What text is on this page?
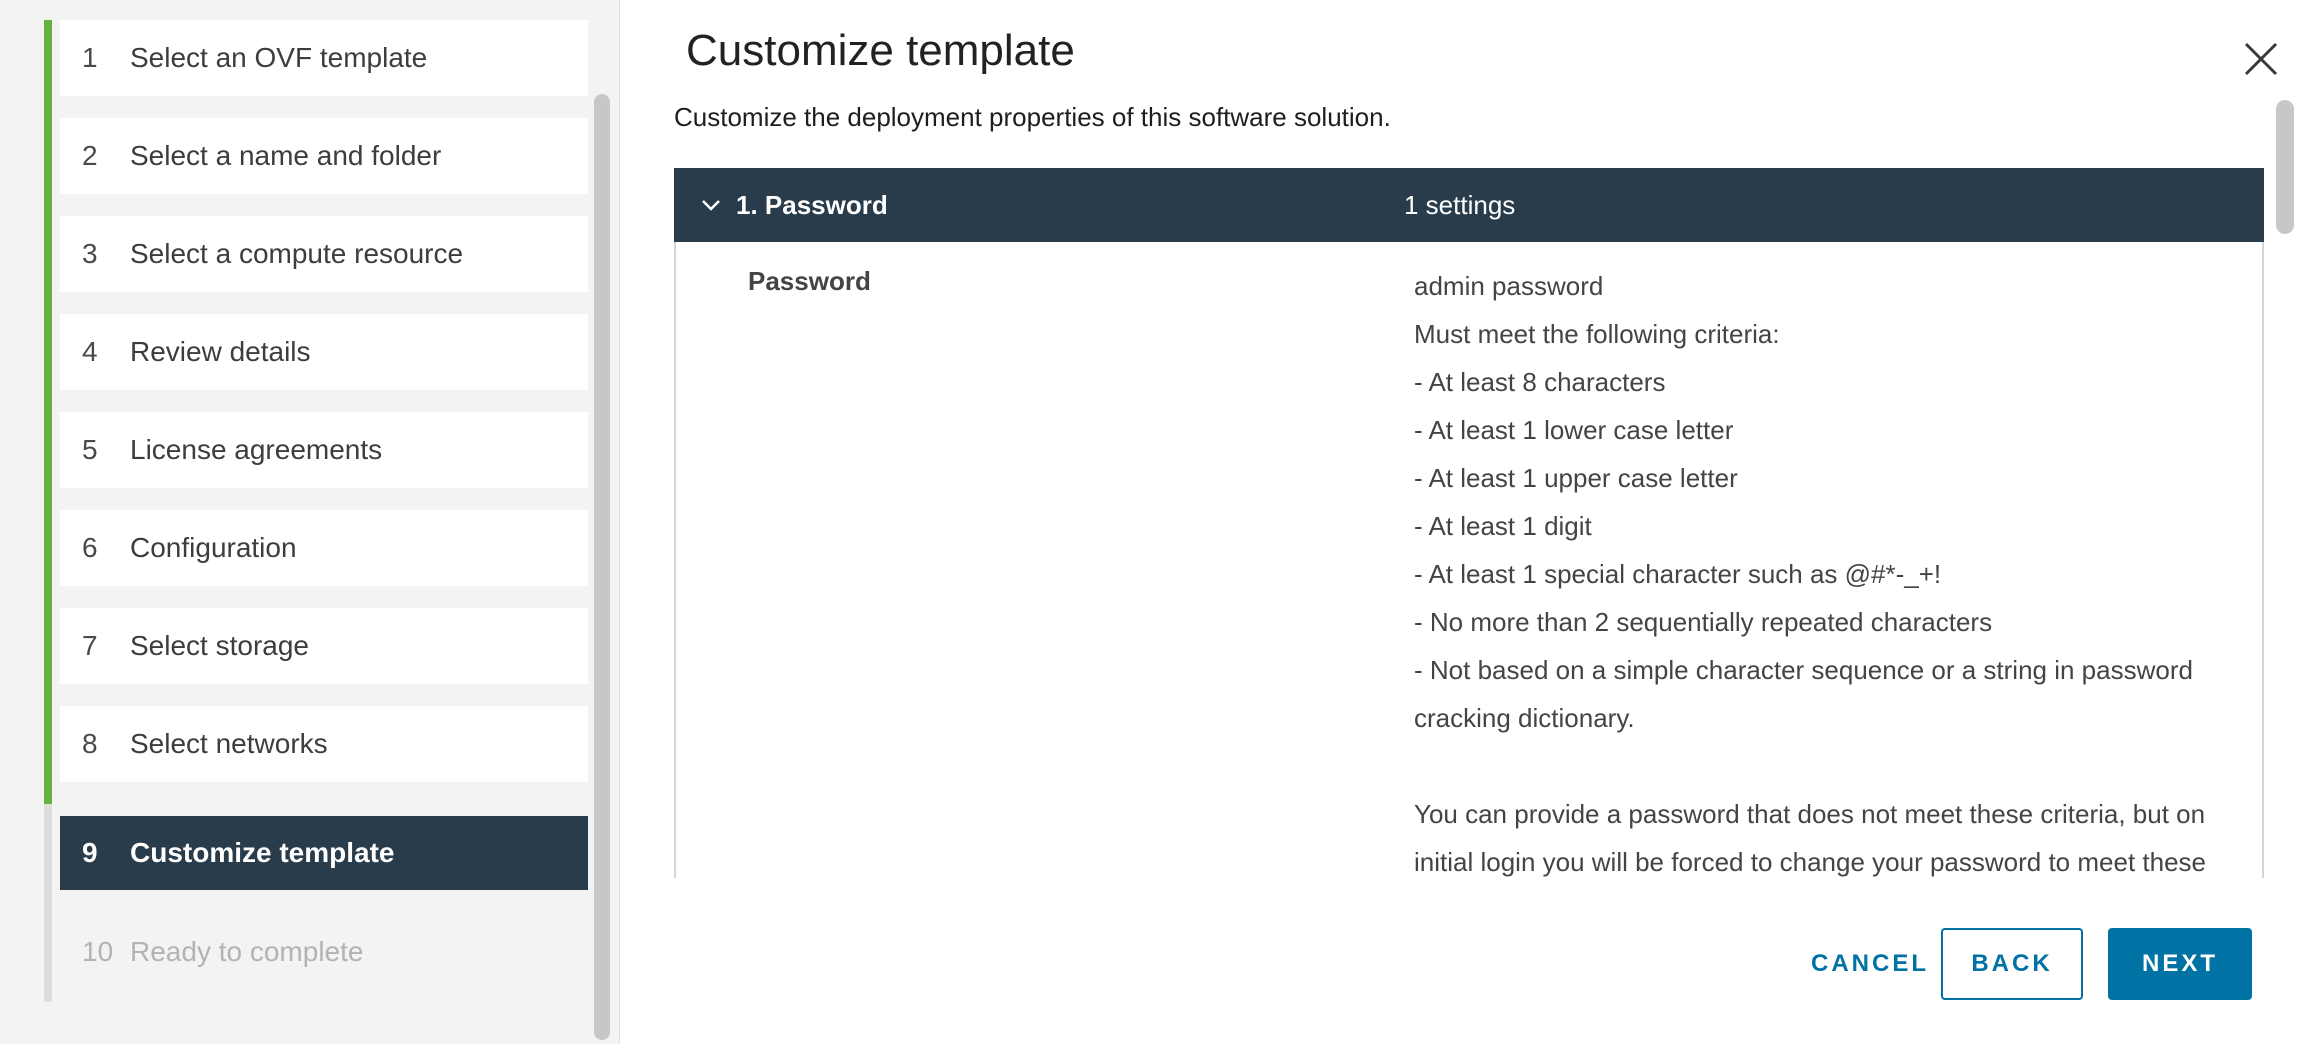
1	Select an OVF template
2	Select a name and folder
3	Select a compute resource
4	Review details
5	License agreements
6	Configuration
7	Select storage
8	Select networks
9	Customize template
10 Ready to complete
Customize template
Customize the deployment properties of this software solution.
1. Password	1 settings
Password	admin password
Must meet the following criteria:
- At least 8 characters
- At least 1 lower case letter
- At least 1 upper case letter
- At least 1 digit
- At least 1 special character such as @#*-_+!
- No more than 2 sequentially repeated characters
- Not based on a simple character sequence or a string in password cracking dictionary.
You can provide a password that does not meet these criteria, but on initial login you will be forced to change your password to meet these
CANCEL	BACK	NEXT
